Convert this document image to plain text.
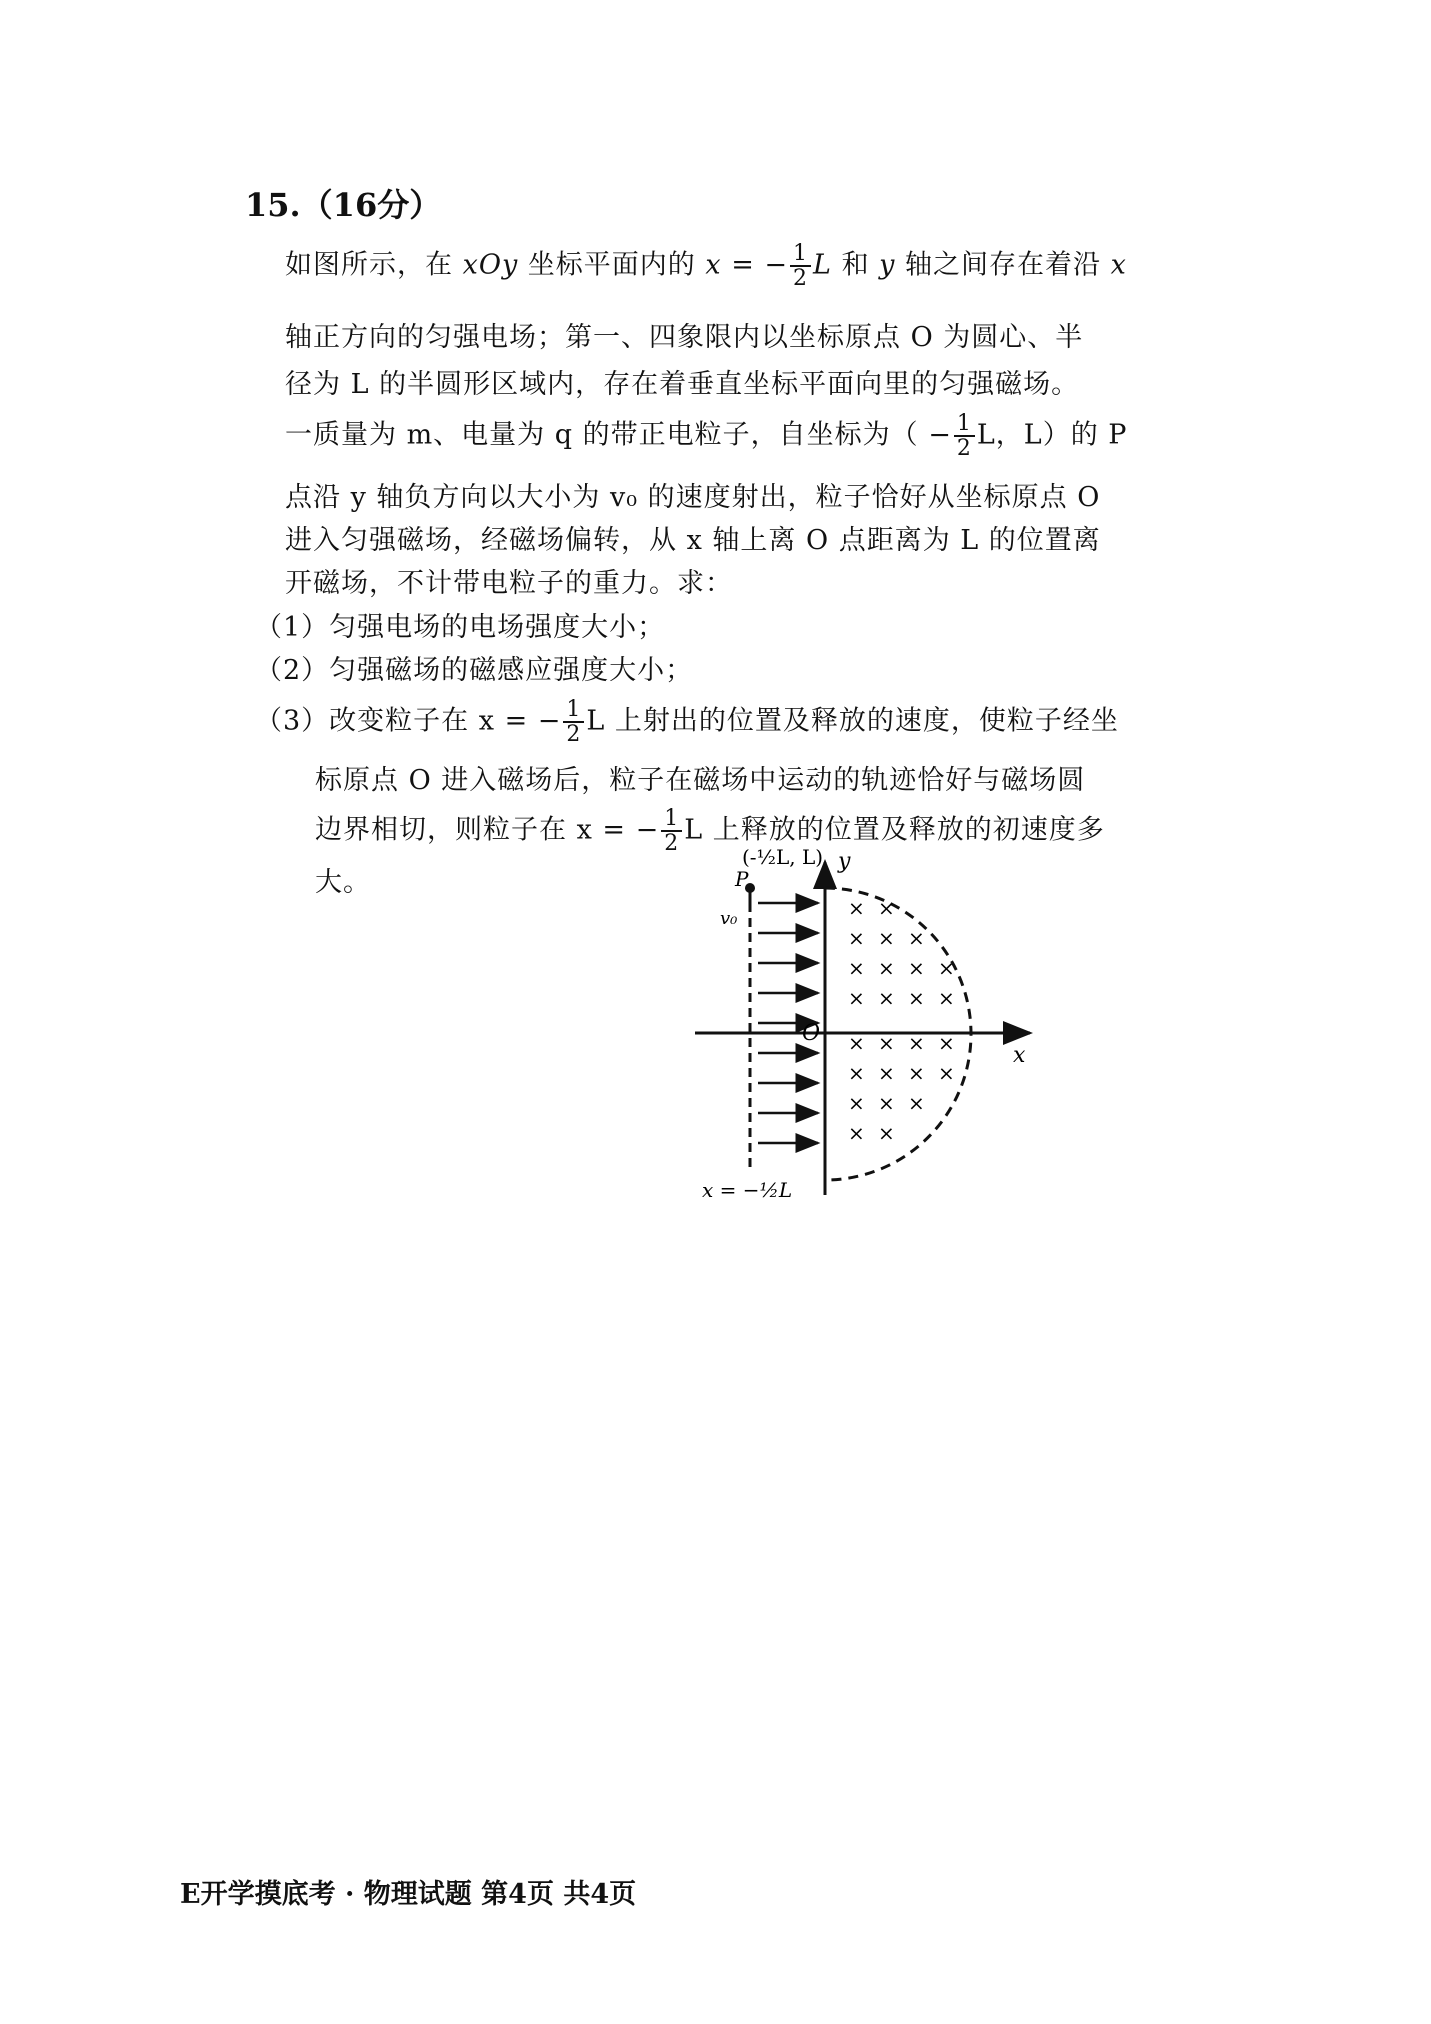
15.（16分）
如图所示，在 xOy 坐标平面内的 x = − $\frac{1}{2}$ L 和 y 轴之间存在着沿 x
轴正方向的匀强电场；第一、四象限内以坐标原点 O 为圆心、半
径为 L 的半圆形区域内，存在着垂直坐标平面向里的匀强磁场。
一质量为 m、电量为 q 的带正电粒子，自坐标为（ − $\frac{1}{2}$ L，L）的 P
点沿 y 轴负方向以大小为 v₀ 的速度射出，粒子恰好从坐标原点 O
进入匀强磁场，经磁场偏转，从 x 轴上离 O 点距离为 L 的位置离
开磁场，不计带电粒子的重力。求：
（1）匀强电场的电场强度大小；
（2）匀强磁场的磁感应强度大小；
（3）改变粒子在 x = − $\frac{1}{2}$ L 上射出的位置及释放的速度，使粒子经坐
标原点 O 进入磁场后，粒子在磁场中运动的轨迹恰好与磁场圆
边界相切，则粒子在 x = − $\frac{1}{2}$ L 上释放的位置及释放的初速度多
大。	P
v₀
(-½L, L) y
x
O
x = −½L
× ×
× × ×
× × × ×
× × × ×
× × × ×
× × × ×
× × ×
× ×
E开学摸底考 · 物理试题 第4页 共4页
